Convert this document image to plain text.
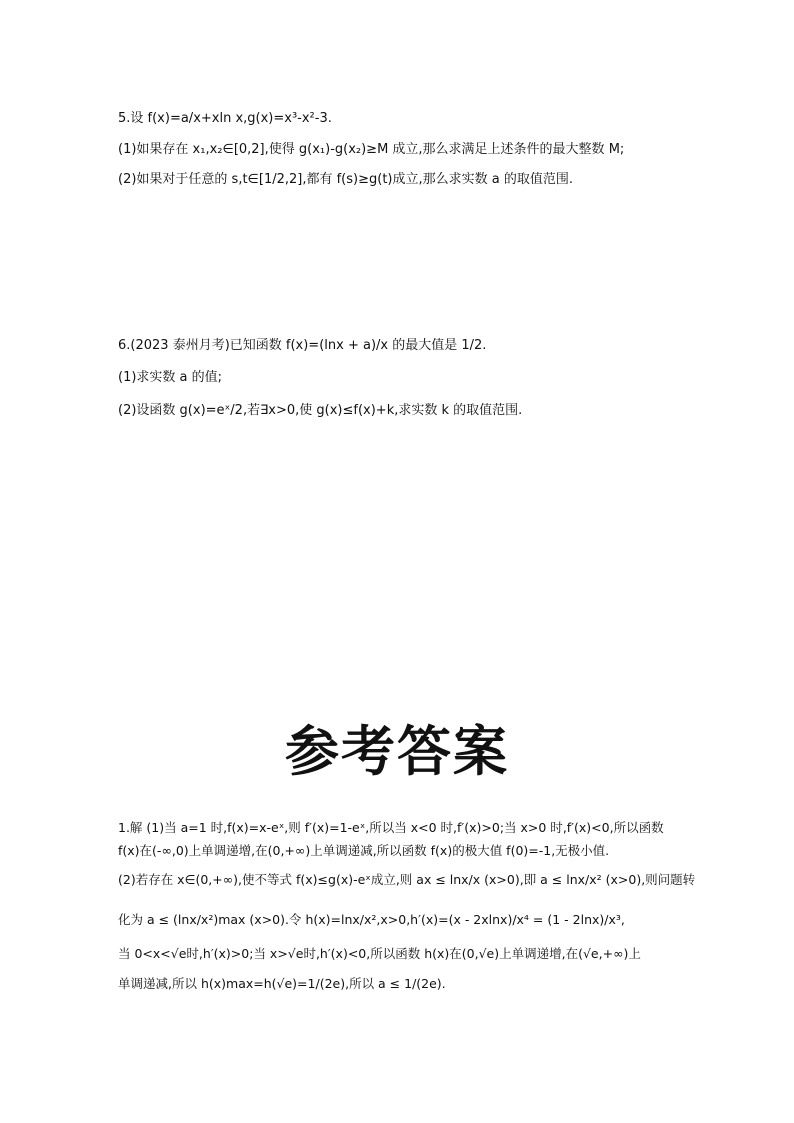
5.设 f(x)=a/x+xln x,g(x)=x³-x²-3.
(1)如果存在 x₁,x₂∈[0,2],使得 g(x₁)-g(x₂)≥M 成立,那么求满足上述条件的最大整数 M;
(2)如果对于任意的 s,t∈[1/2,2],都有 f(s)≥g(t)成立,那么求实数 a 的取值范围.
6.(2023 泰州月考)已知函数 f(x)=(lnx + a)/x 的最大值是 1/2.
(1)求实数 a 的值;
(2)设函数 g(x)=eˣ/2,若∃x>0,使 g(x)≤f(x)+k,求实数 k 的取值范围.
参考答案
1.解 (1)当 a=1 时,f(x)=x-eˣ,则 f′(x)=1-eˣ,所以当 x<0 时,f′(x)>0;当 x>0 时,f′(x)<0,所以函数
f(x)在(-∞,0)上单调递增,在(0,+∞)上单调递减,所以函数 f(x)的极大值 f(0)=-1,无极小值.
(2)若存在 x∈(0,+∞),使不等式 f(x)≤g(x)-eˣ成立,则 ax ≤ lnx/x (x>0),即 a ≤ lnx/x² (x>0),则问题转
化为 a ≤ (lnx/x²)max (x>0).令 h(x)=lnx/x²,x>0,h′(x)=(x - 2xlnx)/x⁴ = (1 - 2lnx)/x³,
当 0<x<√e时,h′(x)>0;当 x>√e时,h′(x)<0,所以函数 h(x)在(0,√e)上单调递增,在(√e,+∞)上
单调递减,所以 h(x)max=h(√e)=1/(2e),所以 a ≤ 1/(2e).
